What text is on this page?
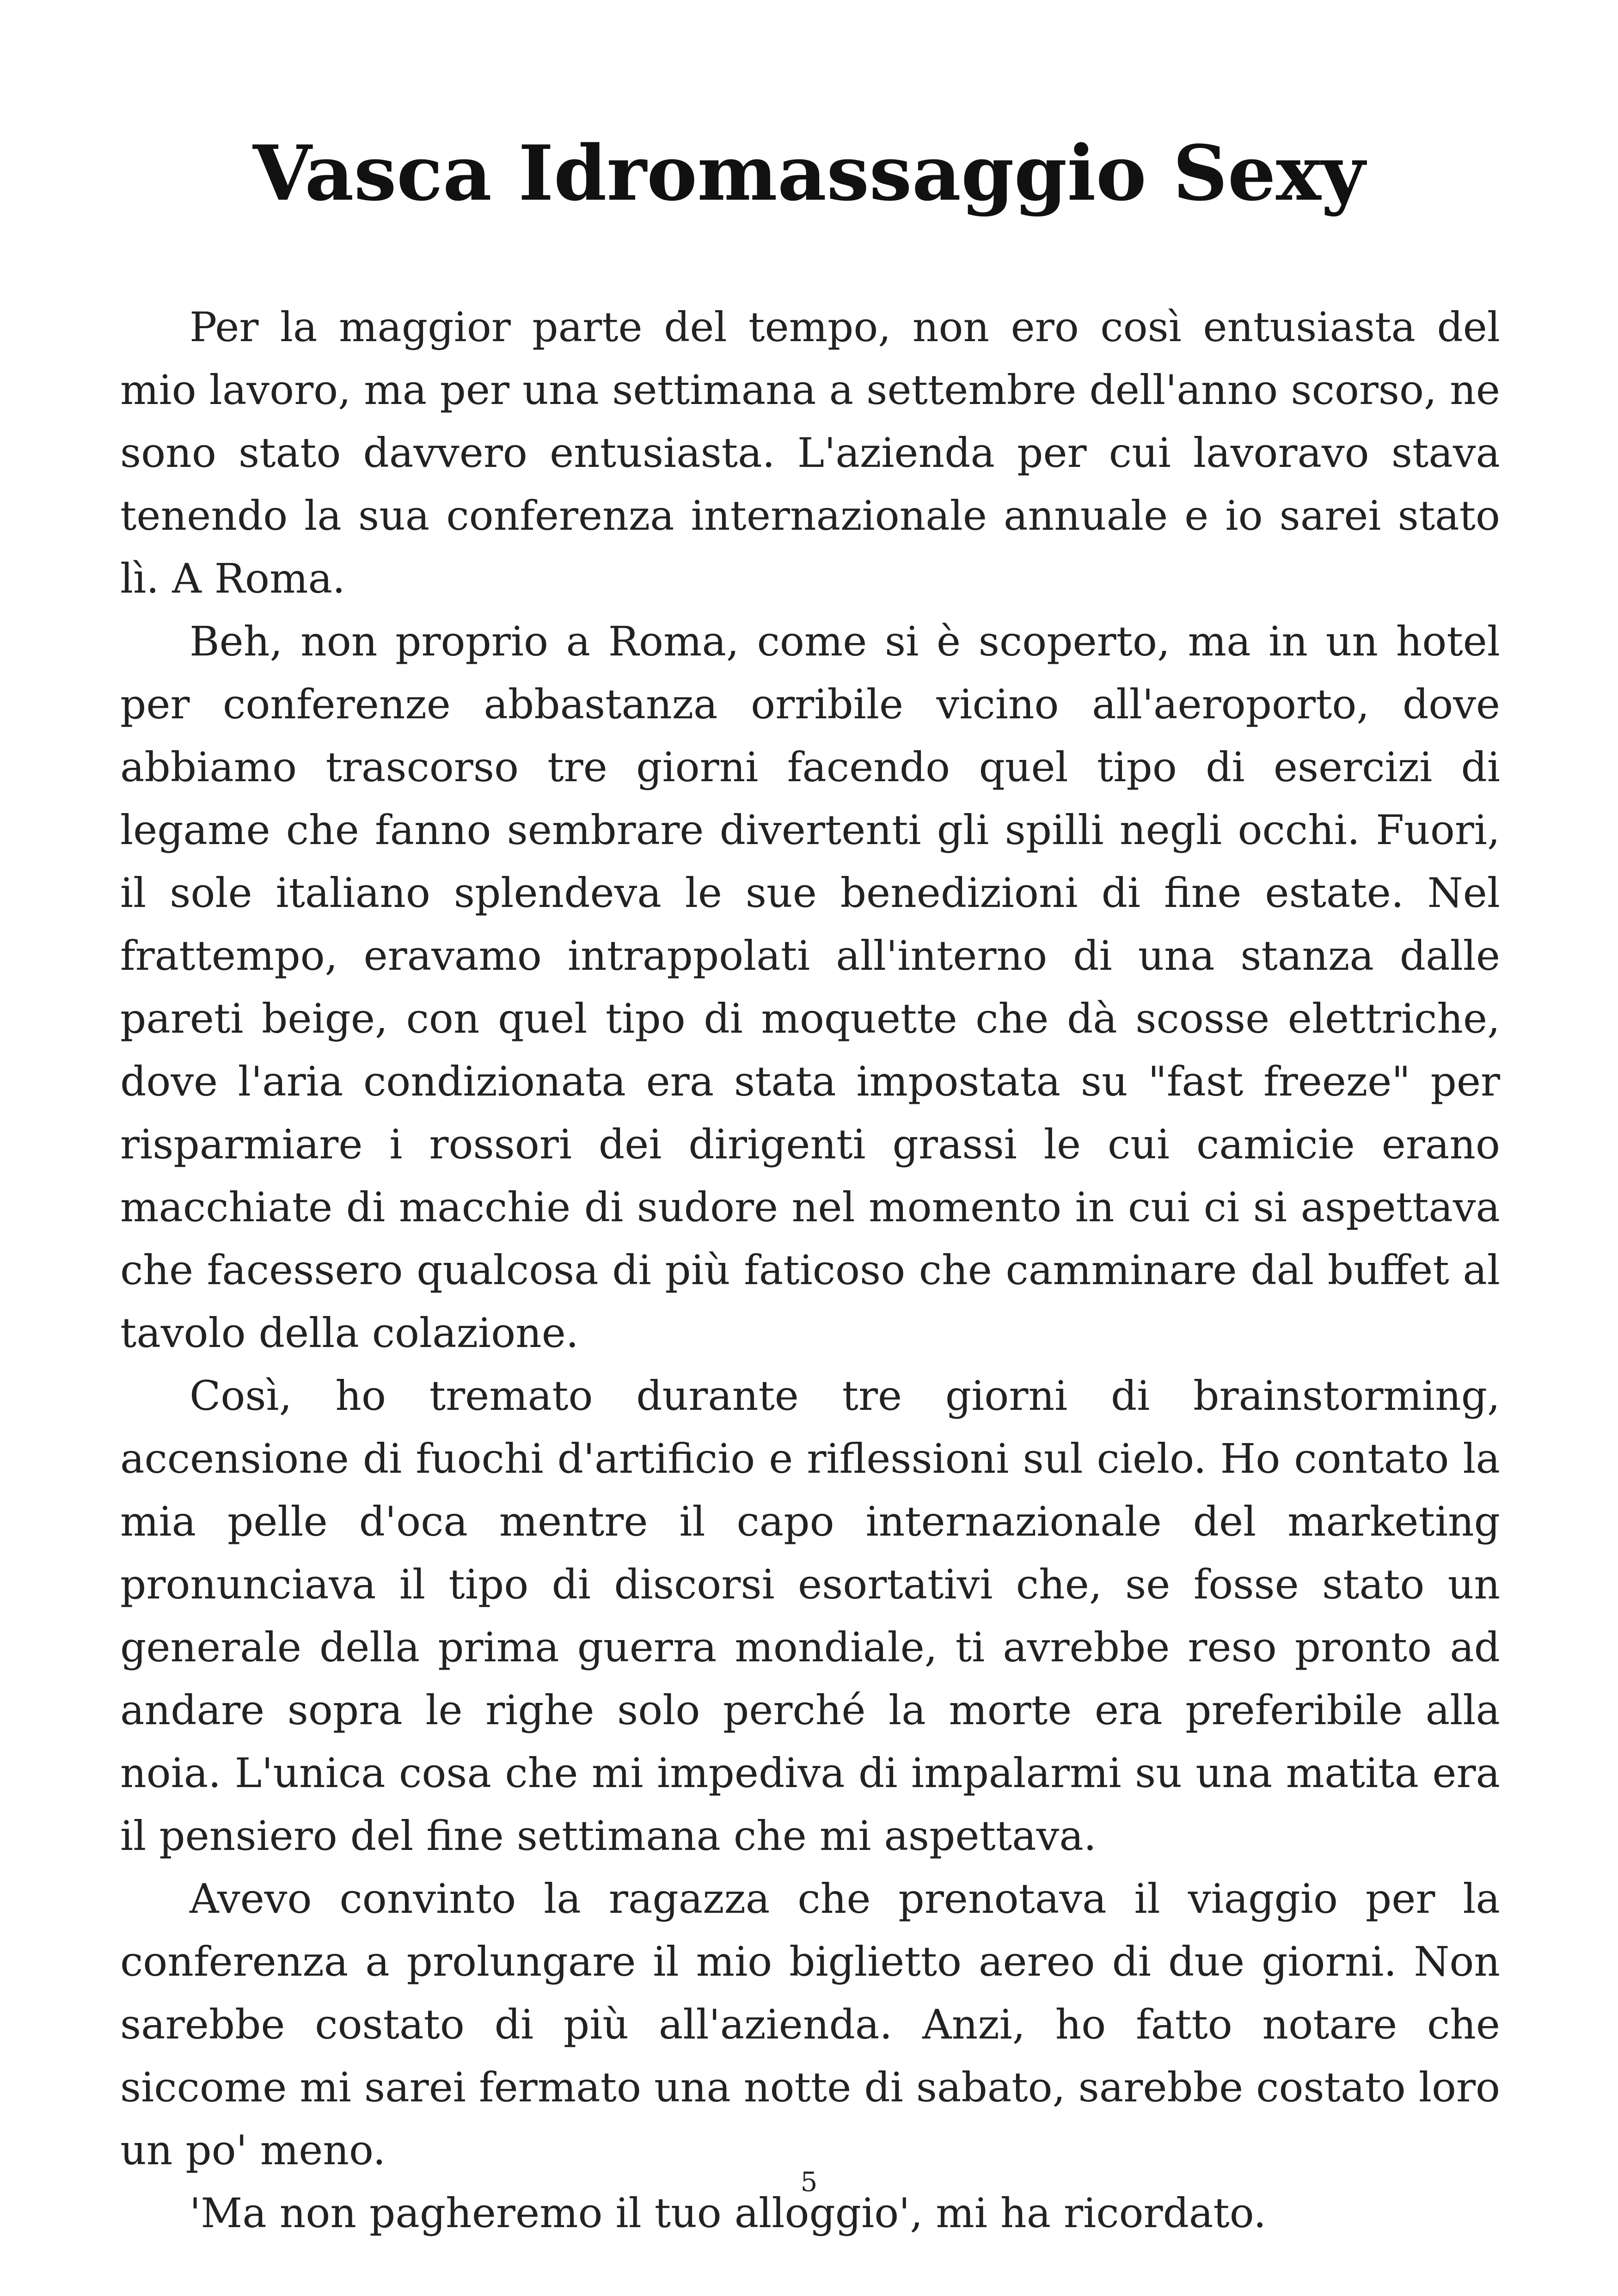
Vasca Idromassaggio Sexy

Per la maggior parte del tempo, non ero così entusiasta del mio lavoro, ma per una settimana a settembre dell'anno scorso, ne sono stato davvero entusiasta. L'azienda per cui lavoravo stava tenendo la sua conferenza internazionale annuale e io sarei stato lì. A Roma.

Beh, non proprio a Roma, come si è scoperto, ma in un hotel per conferenze abbastanza orribile vicino all'aeroporto, dove abbiamo trascorso tre giorni facendo quel tipo di esercizi di legame che fanno sembrare divertenti gli spilli negli occhi. Fuori, il sole italiano splendeva le sue benedizioni di fine estate. Nel frattempo, eravamo intrappolati all'interno di una stanza dalle pareti beige, con quel tipo di moquette che dà scosse elettriche, dove l'aria condizionata era stata impostata su "fast freeze" per risparmiare i rossori dei dirigenti grassi le cui camicie erano macchiate di macchie di sudore nel momento in cui ci si aspettava che facessero qualcosa di più faticoso che camminare dal buffet al tavolo della colazione.

Così, ho tremato durante tre giorni di brainstorming, accensione di fuochi d'artificio e riflessioni sul cielo. Ho contato la mia pelle d'oca mentre il capo internazionale del marketing pronunciava il tipo di discorsi esortativi che, se fosse stato un generale della prima guerra mondiale, ti avrebbe reso pronto ad andare sopra le righe solo perché la morte era preferibile alla noia. L'unica cosa che mi impediva di impalarmi su una matita era il pensiero del fine settimana che mi aspettava.

Avevo convinto la ragazza che prenotava il viaggio per la conferenza a prolungare il mio biglietto aereo di due giorni. Non sarebbe costato di più all'azienda. Anzi, ho fatto notare che siccome mi sarei fermato una notte di sabato, sarebbe costato loro un po' meno.

'Ma non pagheremo il tuo alloggio', mi ha ricordato.

5
